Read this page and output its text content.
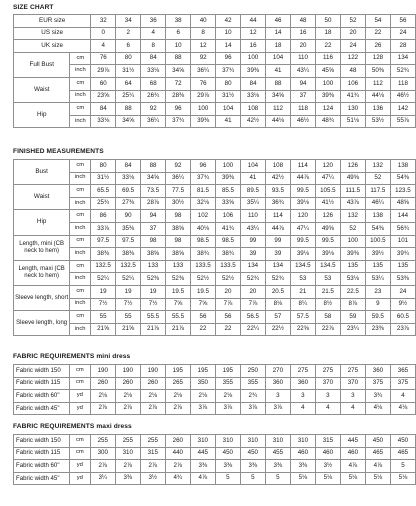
SIZE CHART
EUR size		32	34	36	38	40	42	44	46	48	50	52	54	56
US size		0	2	4	6	8	10	12	14	16	18	20	22	24
UK size		4	6	8	10	12	14	16	18	20	22	24	26	28
Full Bust	cm	76	80	84	88	92	96	100	104	110	116	122	128	134
	inch	29⅞	31½	33⅛	34⅝	36¼	37¾	39⅜	41	43¼	45⅝	48	50⅜	52¾
Waist	cm	60	64	68	72	76	80	84	88	94	100	106	112	118
	inch	23⅝	25¼	26¾	28⅜	29⅞	31½	33⅛	34⅝	37	39⅜	41¾	44⅛	46½
Hip	cm	84	88	92	96	100	104	108	112	118	124	130	136	142
	inch	33⅛	34⅝	36¼	37¾	39⅜	41	42½	44⅛	46½	48¾	51⅛	53½	55⅞
FINISHED MEASUREMENTS
Bust	cm	80	84	88	92	96	100	104	108	114	120	126	132	138
	inch	31½	33⅛	34⅝	36¼	37¾	39⅜	41	42½	44⅞	47¼	49⅝	52	54⅜
Waist	cm	65.5	69.5	73.5	77.5	81.5	85.5	89.5	93.5	99.5	105.5	111.5	117.5	123.5
	inch	25¾	27⅜	28⅞	30½	32⅛	33⅝	35¼	36¾	39⅛	41½	43⅞	46¼	48⅝
Hip	cm	86	90	94	98	102	106	110	114	120	126	132	138	144
	inch	33⅞	35⅜	37	38⅝	40⅛	41¾	43¼	44⅞	47¼	49⅝	52	54⅜	56¾
Length, mini (CB neck to hem)	cm	97.5	97.5	98	98	98.5	98.5	99	99	99.5	99.5	100	100.5	101
	inch	38⅜	38⅜	38⅝	38⅝	38¾	38¾	39	39	39⅛	39⅛	39⅜	39½	39¾
Length, maxi (CB neck to hem)	cm	132.5	132.5	133	133	133.5	133.5	134	134	134.5	134.5	135	135	135
	inch	52¼	52¼	52⅜	52⅜	52½	52½	52¾	52¾	53	53	53⅛	53¼	53⅜
Sleeve length, short	cm	19	19	19	19.5	19.5	20	20	20.5	21	21.5	22.5	23	24
	inch	7½	7½	7½	7⅝	7⅝	7⅞	7⅞	8⅛	8¼	8½	8⅞	9	9½
Sleeve length, long	cm	55	55	55.5	55.5	56	56	56.5	57	57.5	58	59	59.5	60.5
	inch	21⅝	21⅝	21⅞	21⅞	22	22	22¼	22½	22⅝	22⅞	23¼	23⅜	23⅞
FABRIC REQUIREMENTS mini dress
Fabric width 150	cm	190	190	190	195	195	195	250	270	275	275	275	360	365
Fabric width 115	cm	260	260	260	265	350	355	355	360	360	370	370	375	375
Fabric width 60"	yd	2⅛	2⅛	2⅛	2⅛	2⅛	2⅛	2¾	3	3	3	3	3¾	4
Fabric width 45"	yd	2⅞	2⅞	2⅞	2⅞	3⅞	3⅞	3⅞	3⅞	4	4	4	4⅛	4⅛
FABRIC REQUIREMENTS maxi dress
Fabric width 150	cm	255	255	255	260	310	310	310	310	310	315	445	450	450
Fabric width 115	cm	300	310	315	440	445	450	450	455	460	460	460	465	465
Fabric width 60"	yd	2⅞	2⅞	2⅞	2⅞	3⅜	3⅜	3⅜	3⅜	3⅜	3½	4⅞	4⅞	5
Fabric width 45"	yd	3¼	3⅜	3½	4¾	4⅞	5	5	5	5⅛	5⅛	5⅛	5⅛	5⅛
